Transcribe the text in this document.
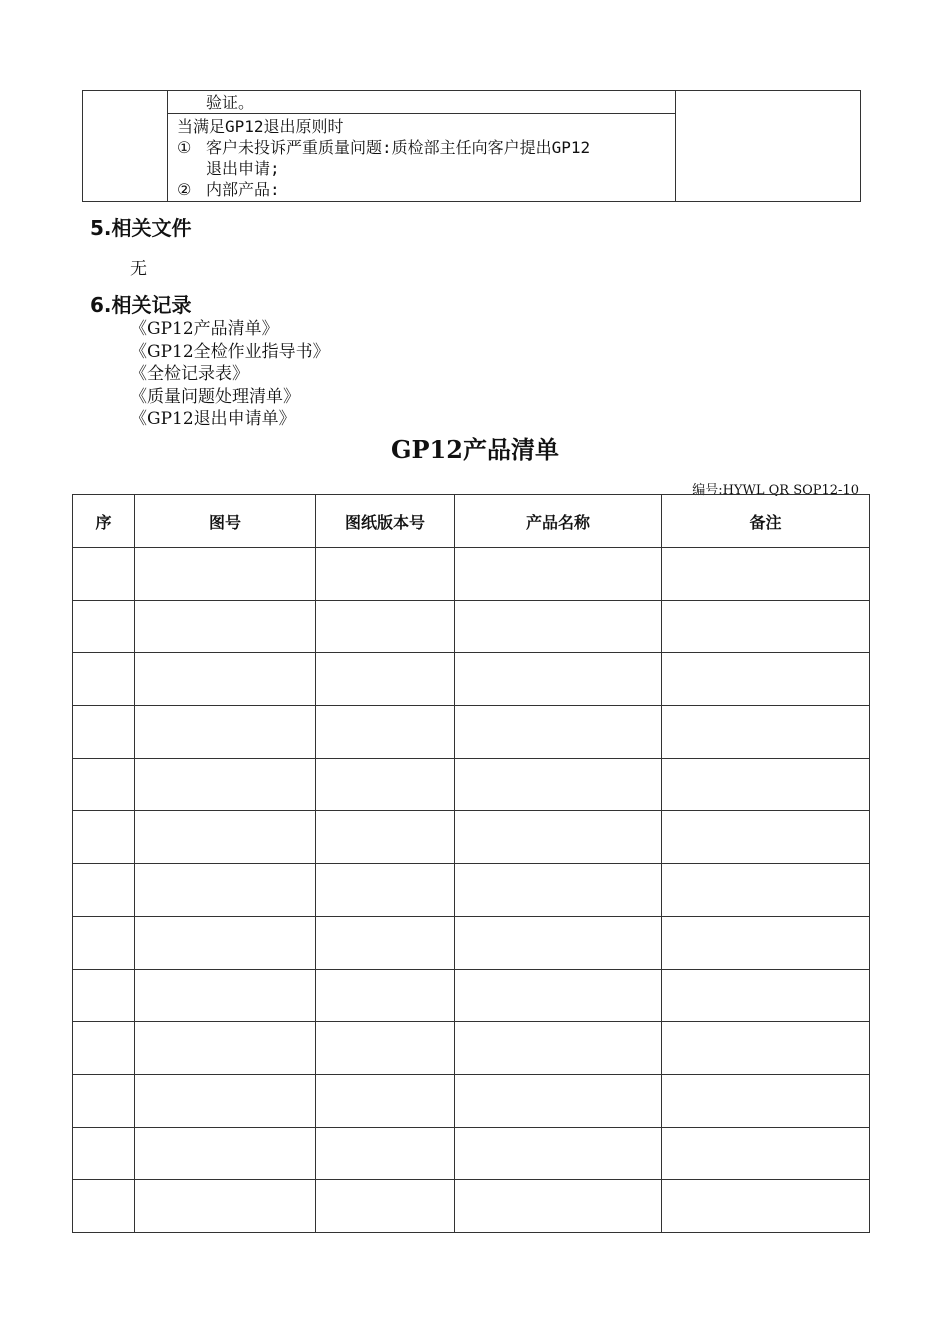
验证。
当满足GP12退出原则时
① 客户未投诉严重质量问题:质检部主任向客户提出GP12
退出申请;
② 内部产品:
5.相关文件
无
6.相关记录
《GP12产品清单》
《GP12全检作业指导书》
《全检记录表》
《质量问题处理清单》
《GP12退出申请单》
GP12产品清单
编号:HYWL QR SOP12-10
序	图号	图纸版本号	产品名称	备注
